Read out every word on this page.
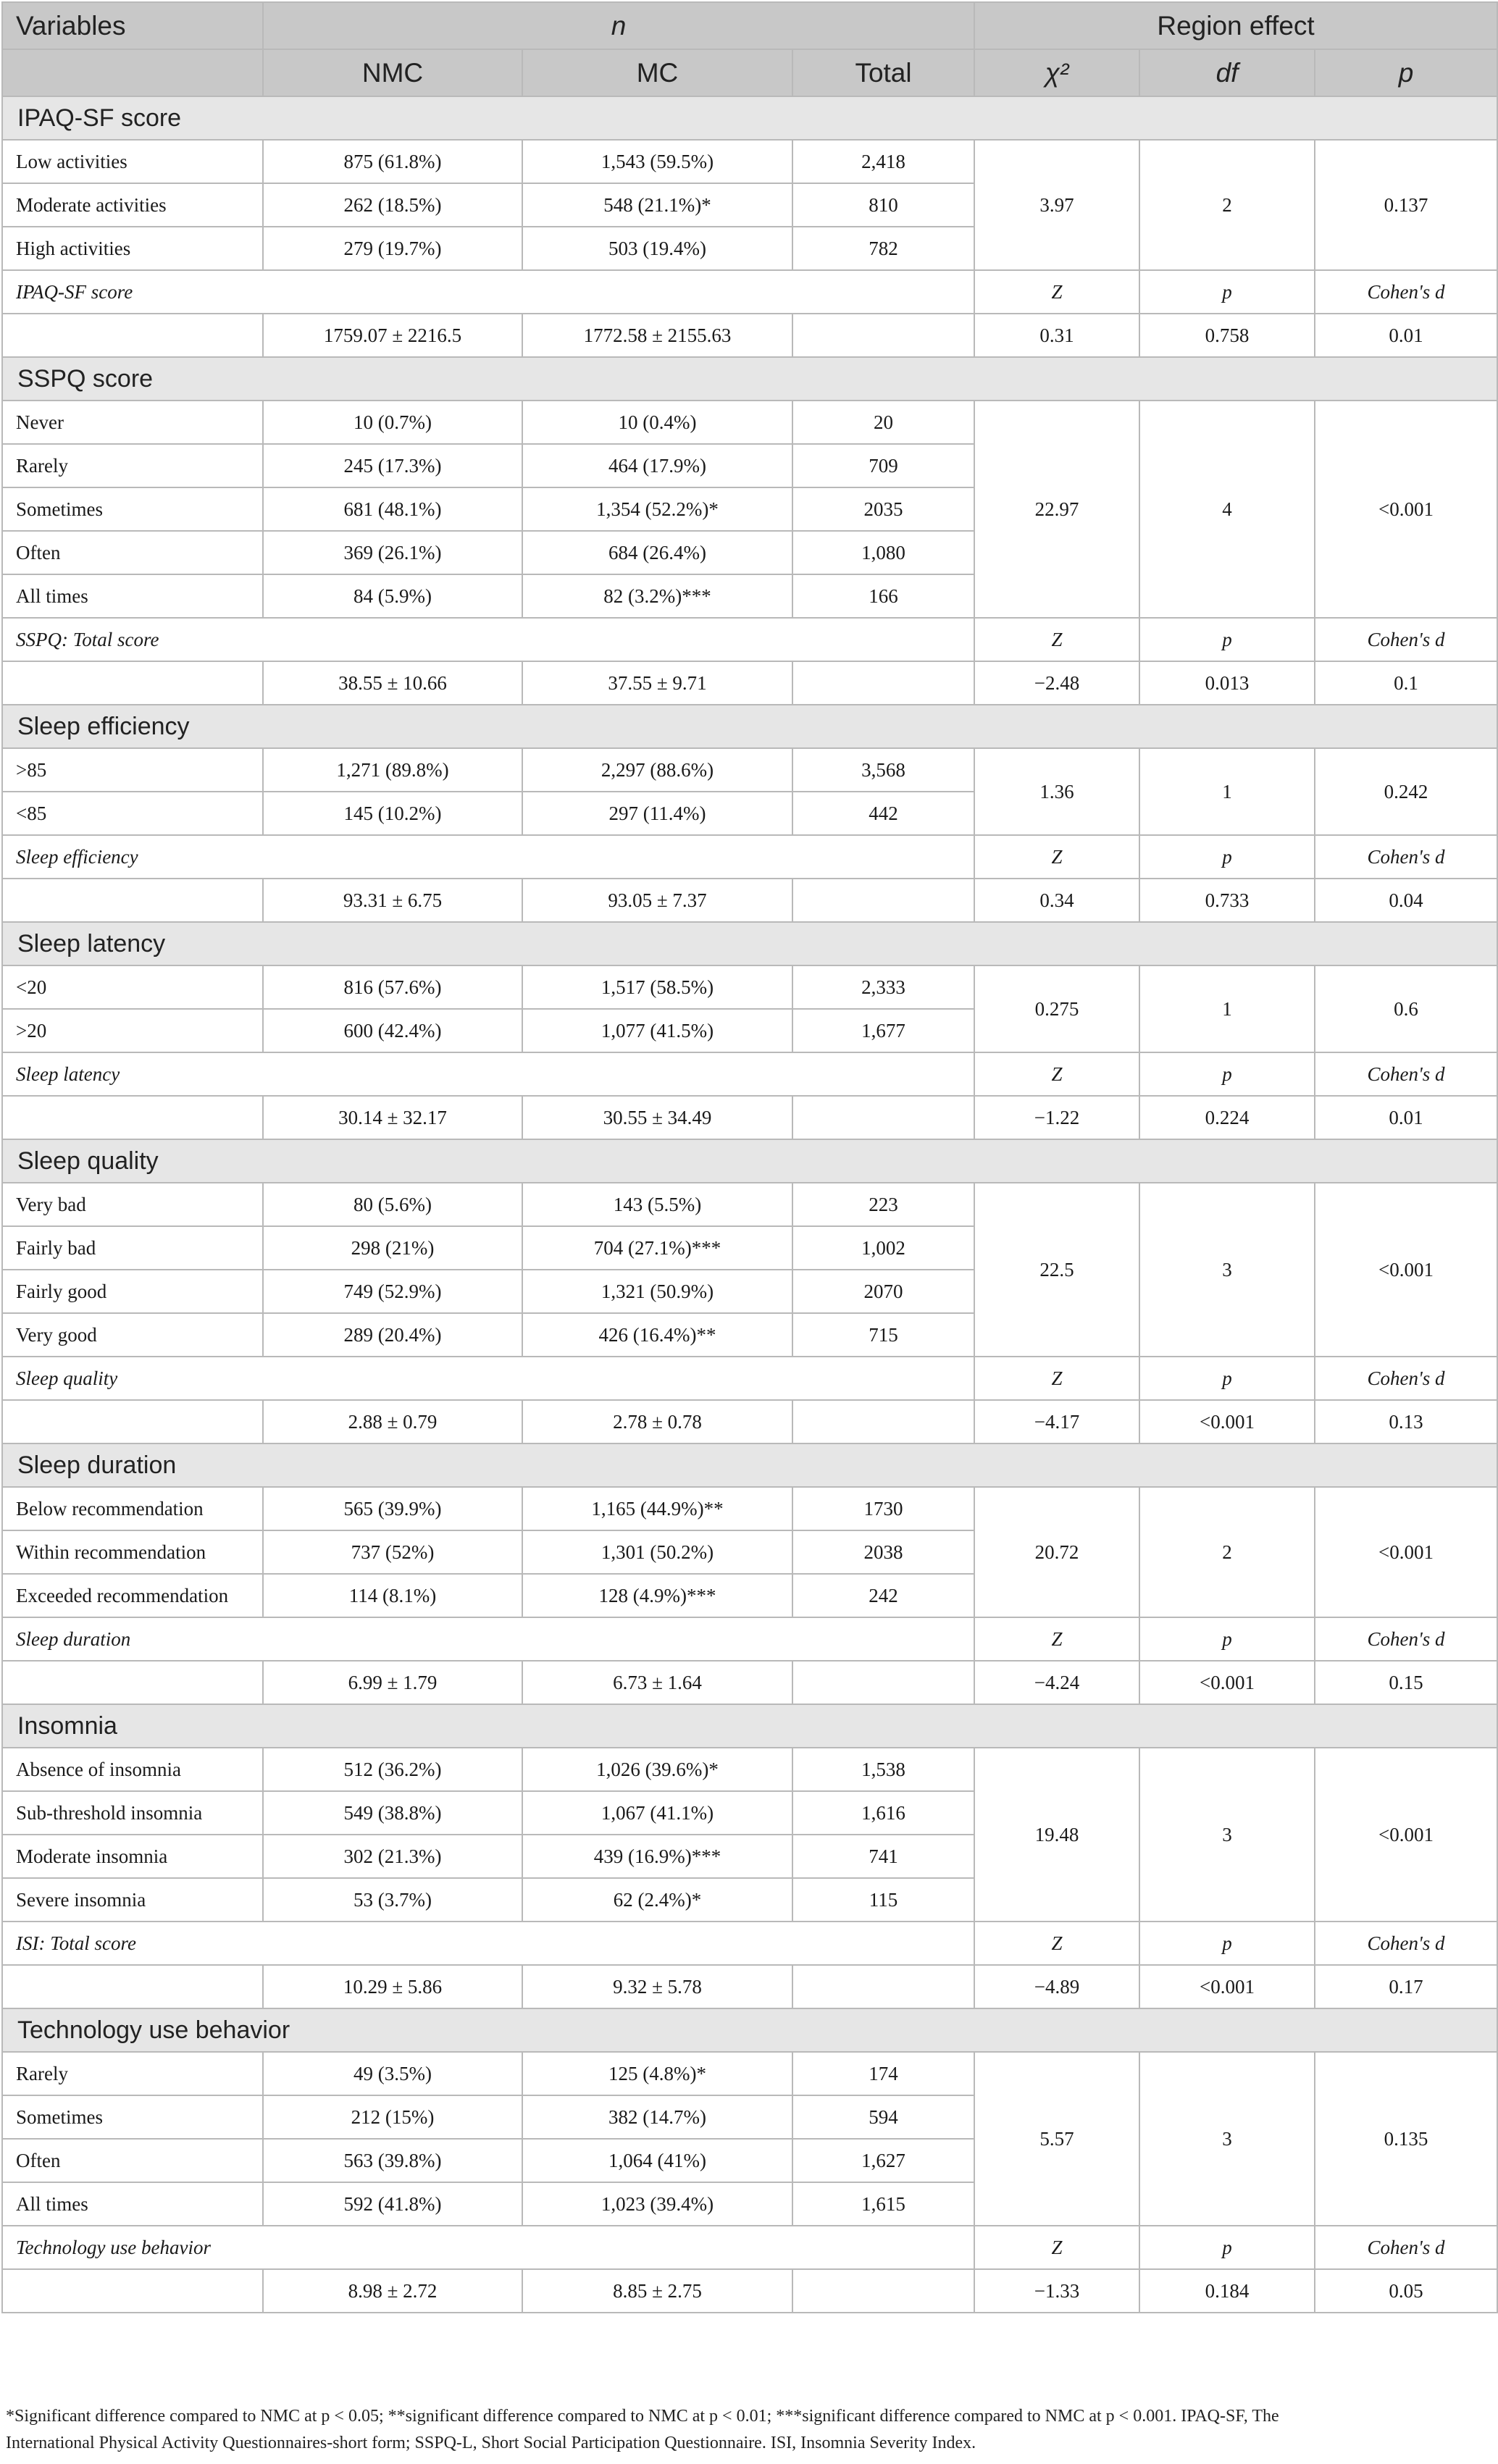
Variables	n			Region effect		
	NMC	MC	Total	χ²	df	p
IPAQ-SF score						
Low activities	875 (61.8%)	1,543 (59.5%)	2,418	3.97	2	0.137
Moderate activities	262 (18.5%)	548 (21.1%)*	810			
High activities	279 (19.7%)	503 (19.4%)	782			
IPAQ-SF score				Z	p	Cohen's d
	1759.07 ± 2216.5	1772.58 ± 2155.63		0.31	0.758	0.01
SSPQ score						
Never	10 (0.7%)	10 (0.4%)	20	22.97	4	<0.001
Rarely	245 (17.3%)	464 (17.9%)	709			
Sometimes	681 (48.1%)	1,354 (52.2%)*	2035			
Often	369 (26.1%)	684 (26.4%)	1,080			
All times	84 (5.9%)	82 (3.2%)***	166			
SSPQ: Total score				Z	p	Cohen's d
	38.55 ± 10.66	37.55 ± 9.71		−2.48	0.013	0.1
Sleep efficiency						
>85	1,271 (89.8%)	2,297 (88.6%)	3,568	1.36	1	0.242
<85	145 (10.2%)	297 (11.4%)	442			
Sleep efficiency				Z	p	Cohen's d
	93.31 ± 6.75	93.05 ± 7.37		0.34	0.733	0.04
Sleep latency						
<20	816 (57.6%)	1,517 (58.5%)	2,333	0.275	1	0.6
>20	600 (42.4%)	1,077 (41.5%)	1,677			
Sleep latency				Z	p	Cohen's d
	30.14 ± 32.17	30.55 ± 34.49		−1.22	0.224	0.01
Sleep quality						
Very bad	80 (5.6%)	143 (5.5%)	223	22.5	3	<0.001
Fairly bad	298 (21%)	704 (27.1%)***	1,002			
Fairly good	749 (52.9%)	1,321 (50.9%)	2070			
Very good	289 (20.4%)	426 (16.4%)**	715			
Sleep quality				Z	p	Cohen's d
	2.88 ± 0.79	2.78 ± 0.78		−4.17	<0.001	0.13
Sleep duration						
Below recommendation	565 (39.9%)	1,165 (44.9%)**	1730	20.72	2	<0.001
Within recommendation	737 (52%)	1,301 (50.2%)	2038			
Exceeded recommendation	114 (8.1%)	128 (4.9%)***	242			
Sleep duration				Z	p	Cohen's d
	6.99 ± 1.79	6.73 ± 1.64		−4.24	<0.001	0.15
Insomnia						
Absence of insomnia	512 (36.2%)	1,026 (39.6%)*	1,538	19.48	3	<0.001
Sub-threshold insomnia	549 (38.8%)	1,067 (41.1%)	1,616			
Moderate insomnia	302 (21.3%)	439 (16.9%)***	741			
Severe insomnia	53 (3.7%)	62 (2.4%)*	115			
ISI: Total score				Z	p	Cohen's d
	10.29 ± 5.86	9.32 ± 5.78		−4.89	<0.001	0.17
Technology use behavior						
Rarely	49 (3.5%)	125 (4.8%)*	174	5.57	3	0.135
Sometimes	212 (15%)	382 (14.7%)	594			
Often	563 (39.8%)	1,064 (41%)	1,627			
All times	592 (41.8%)	1,023 (39.4%)	1,615			
Technology use behavior				Z	p	Cohen's d
	8.98 ± 2.72	8.85 ± 2.75		−1.33	0.184	0.05
*Significant difference compared to NMC at p < 0.05; **significant difference compared to NMC at p < 0.01; ***significant difference compared to NMC at p < 0.001. IPAQ-SF, The
International Physical Activity Questionnaires-short form; SSPQ-L, Short Social Participation Questionnaire. ISI, Insomnia Severity Index.
